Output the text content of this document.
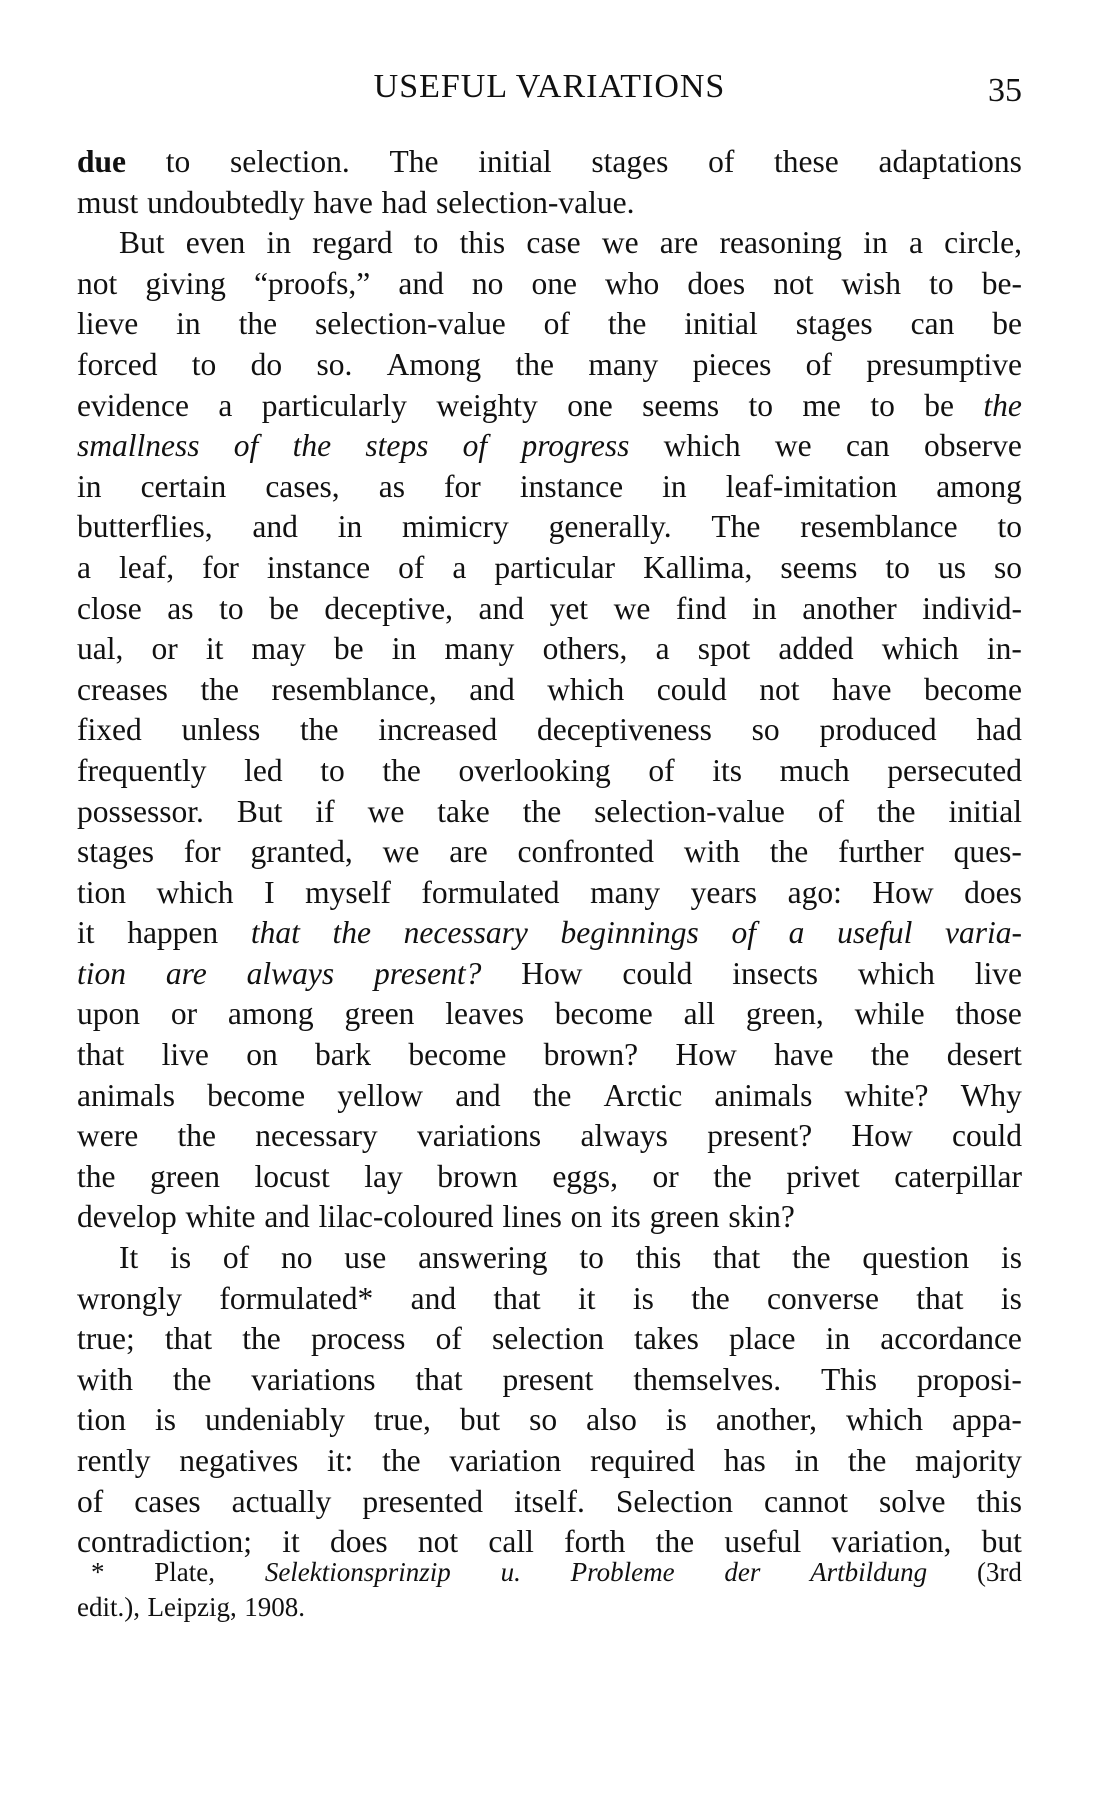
USEFUL VARIATIONS	35
due to selection. The initial stages of these adaptations
must undoubtedly have had selection-value.
But even in regard to this case we are reasoning in a circle,
not giving “proofs,” and no one who does not wish to be-
lieve in the selection-value of the initial stages can be
forced to do so. Among the many pieces of presumptive
evidence a particularly weighty one seems to me to be the
smallness of the steps of progress which we can observe
in certain cases, as for instance in leaf-imitation among
butterflies, and in mimicry generally. The resemblance to
a leaf, for instance of a particular Kallima, seems to us so
close as to be deceptive, and yet we find in another individ-
ual, or it may be in many others, a spot added which in-
creases the resemblance, and which could not have become
fixed unless the increased deceptiveness so produced had
frequently led to the overlooking of its much persecuted
possessor. But if we take the selection-value of the initial
stages for granted, we are confronted with the further ques-
tion which I myself formulated many years ago: How does
it happen that the necessary beginnings of a useful varia-
tion are always present? How could insects which live
upon or among green leaves become all green, while those
that live on bark become brown? How have the desert
animals become yellow and the Arctic animals white? Why
were the necessary variations always present? How could
the green locust lay brown eggs, or the privet caterpillar
develop white and lilac-coloured lines on its green skin?
It is of no use answering to this that the question is
wrongly formulated* and that it is the converse that is
true; that the process of selection takes place in accordance
with the variations that present themselves. This proposi-
tion is undeniably true, but so also is another, which appa-
rently negatives it: the variation required has in the majority
of cases actually presented itself. Selection cannot solve this
contradiction; it does not call forth the useful variation, but
* Plate, Selektionsprinzip u. Probleme der Artbildung (3rd
edit.), Leipzig, 1908.
